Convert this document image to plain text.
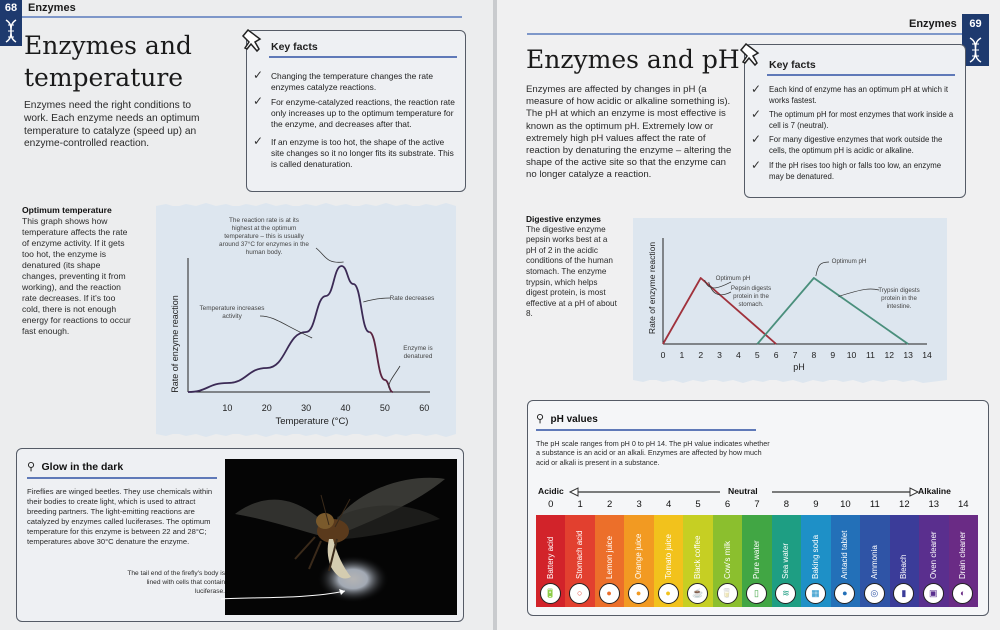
68 Enzymes
Enzymes and
temperature
Enzymes need the right conditions to work. Each enzyme needs an optimum temperature to catalyze (speed up) an enzyme-controlled reaction.
Key facts
✓ Changing the temperature changes the rate enzymes catalyze reactions.
✓ For enzyme-catalyzed reactions, the reaction rate only increases up to the optimum temperature for the enzyme, and decreases after that.
✓ If an enzyme is too hot, the shape of the active site changes so it no longer fits its substrate. This is called denaturation.
Optimum temperature
This graph shows how temperature affects the rate of enzyme activity. If it gets too hot, the enzyme is denatured (its shape changes, preventing it from working), and the reaction rate decreases. If it's too cold, there is not enough energy for reactions to occur fast enough.	Rate of enzyme reaction
Temperature (°C)
The reaction rate is at its highest at the optimum temperature – this is usually around 37°C for enzymes in the human body.
Temperature increases activity
Rate decreases
Enzyme is denatured
10	20	30	40	50	60
⚲ Glow in the dark
Fireflies are winged beetles. They use chemicals within their bodies to create light, which is used to attract breeding partners. The light-emitting reactions are catalyzed by enzymes called luciferases. The optimum temperature for this enzyme is between 22 and 28°C; temperatures above 30°C denature the enzyme.
The tail end of the firefly's body is lined with cells that contain luciferase.
Enzymes	69
Enzymes and pH
Enzymes are affected by changes in pH (a measure of how acidic or alkaline something is). The pH at which an enzyme is most effective is known as the optimum pH. Extremely low or extremely high pH values affect the rate of reaction by denaturing the enzyme – altering the shape of the active site so that the enzyme can no longer catalyze a reaction.
Key facts
✓ Each kind of enzyme has an optimum pH at which it works fastest.
✓ The optimum pH for most enzymes that work inside a cell is 7 (neutral).
✓ For many digestive enzymes that work outside the cells, the optimum pH is acidic or alkaline.
✓ If the pH rises too high or falls too low, an enzyme may be denatured.
Digestive enzymes
The digestive enzyme pepsin works best at a pH of 2 in the acidic conditions of the human stomach. The enzyme trypsin, which helps digest protein, is most effective at a pH of about 8.	Rate of enzyme reaction
pH
Optimum pH
Optimum pH
Pepsin digests protein in the stomach.
Trypsin digests protein in the intestine.
0 1 2 3 4 5 6 7 8 9 10 11 12 13 14
⚲ pH values
The pH scale ranges from pH 0 to pH 14. The pH value indicates whether a substance is an acid or an alkali. Enzymes are affected by how much acid or alkali is present in a substance.
Acidic	Neutral	Alkaline
0	1	2	3	4	5	6	7	8	9	10	11	12	13	14
Battery acid
🔋
Stomach acid
○
Lemon juice
●
Orange juice
●
Tomato juice
●
Black coffee
☕
Cow's milk
🥛
Pure water
▯
Sea water
≋
Baking soda
▦
Antacid tablet
●
Ammonia
◎
Bleach
▮
Oven cleaner
▣
Drain cleaner
◐
